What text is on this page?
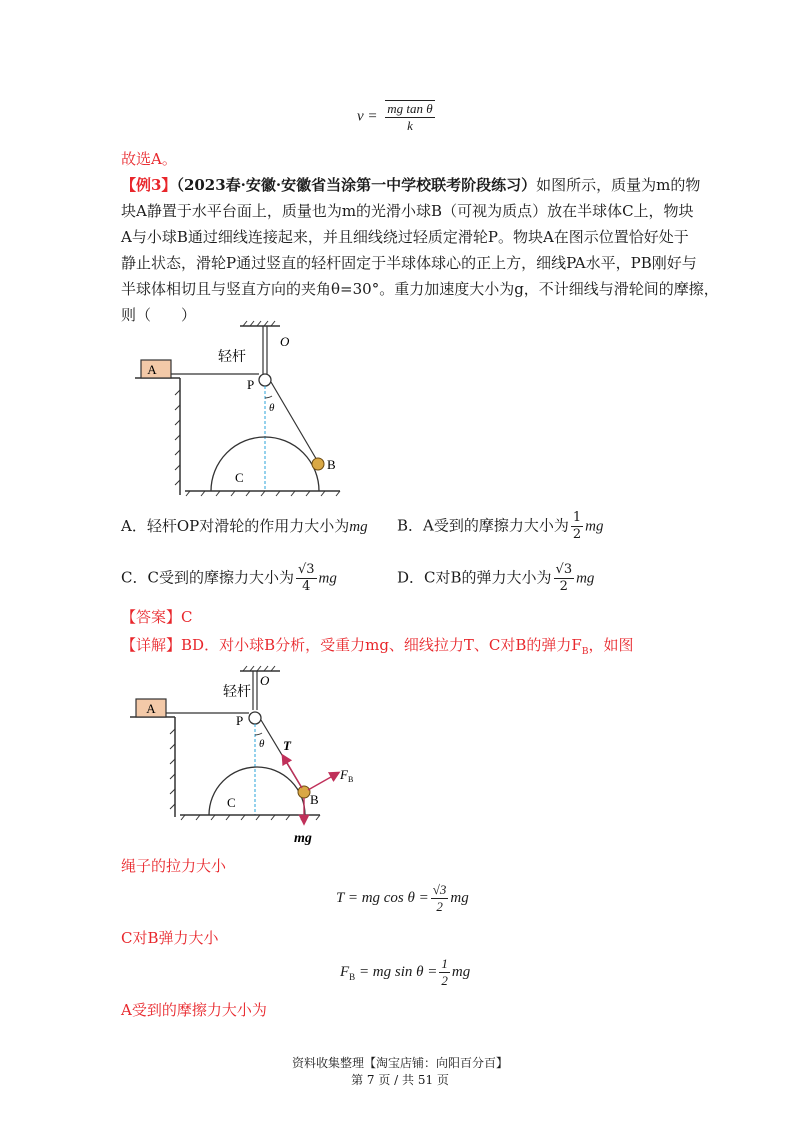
$v = \frac{\text{mg tan θ}}{k}$
故选A。
【例3】（2023春·安徽·安徽省当涂第一中学校联考阶段练习）如图所示，质量为m的物
块A静置于水平台面上，质量也为m的光滑小球B（可视为质点）放在半球体C上，物块
A与小球B通过细线连接起来，并且细线绕过轻质定滑轮P。物块A在图示位置恰好处于
静止状态，滑轮P通过竖直的轻杆固定于半球体球心的正上方，细线PA水平，PB刚好与
半球体相切且与竖直方向的夹角θ=30°。重力加速度大小为g，不计细线与滑轮间的摩擦，
则（　　）
A
轻杆
O
P
θ
B
C
A．轻杆OP对滑轮的作用力大小为mg B．A受到的摩擦力大小为 $\frac{1}{2}$ mg
C．C受到的摩擦力大小为 $\frac{√3}{4}$ mg	D．C对B的弹力大小为 $\frac{√3}{2}$ mg
【答案】C
【详解】BD．对小球B分析，受重力mg、细线拉力T、C对B的弹力$F_B$，如图
A
轻杆
O
P
θ T
$F_B$
B
C
mg
绳子的拉力大小
T = mg $\cos \theta = \frac{√3}{2}$ mg
C对B弹力大小
$F_B$ = mg $\sin \theta = \frac{1}{2}$ mg
A受到的摩擦力大小为
资料收集整理【淘宝店铺：向阳百分百】
第 7 页 / 共 51 页
